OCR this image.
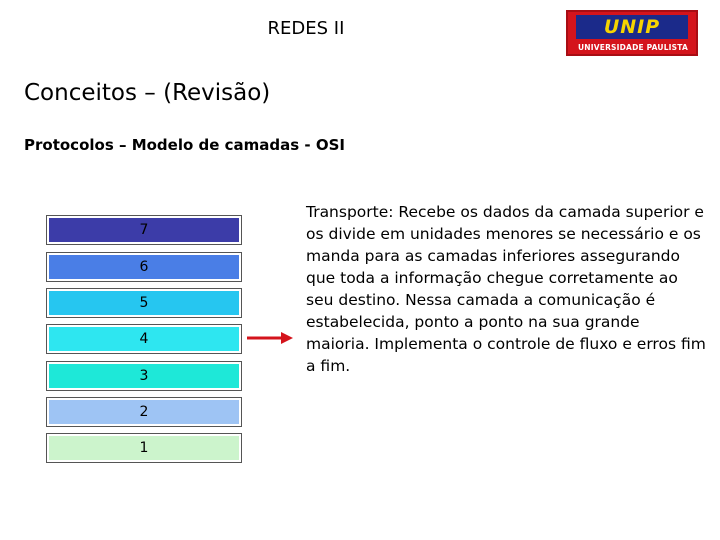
REDES II	UNIP
UNIVERSIDADE PAULISTA
Conceitos – (Revisão)
Protocolos – Modelo de camadas - OSI
7
6
5
4
3
2
1

Transporte: Recebe os dados da camada superior e os divide em unidades menores se necessário e os manda para as camadas inferiores assegurando que toda a informação chegue corretamente ao seu destino. Nessa camada a comunicação é estabelecida, ponto a ponto na sua grande maioria. Implementa o controle de fluxo e erros fim a fim.
